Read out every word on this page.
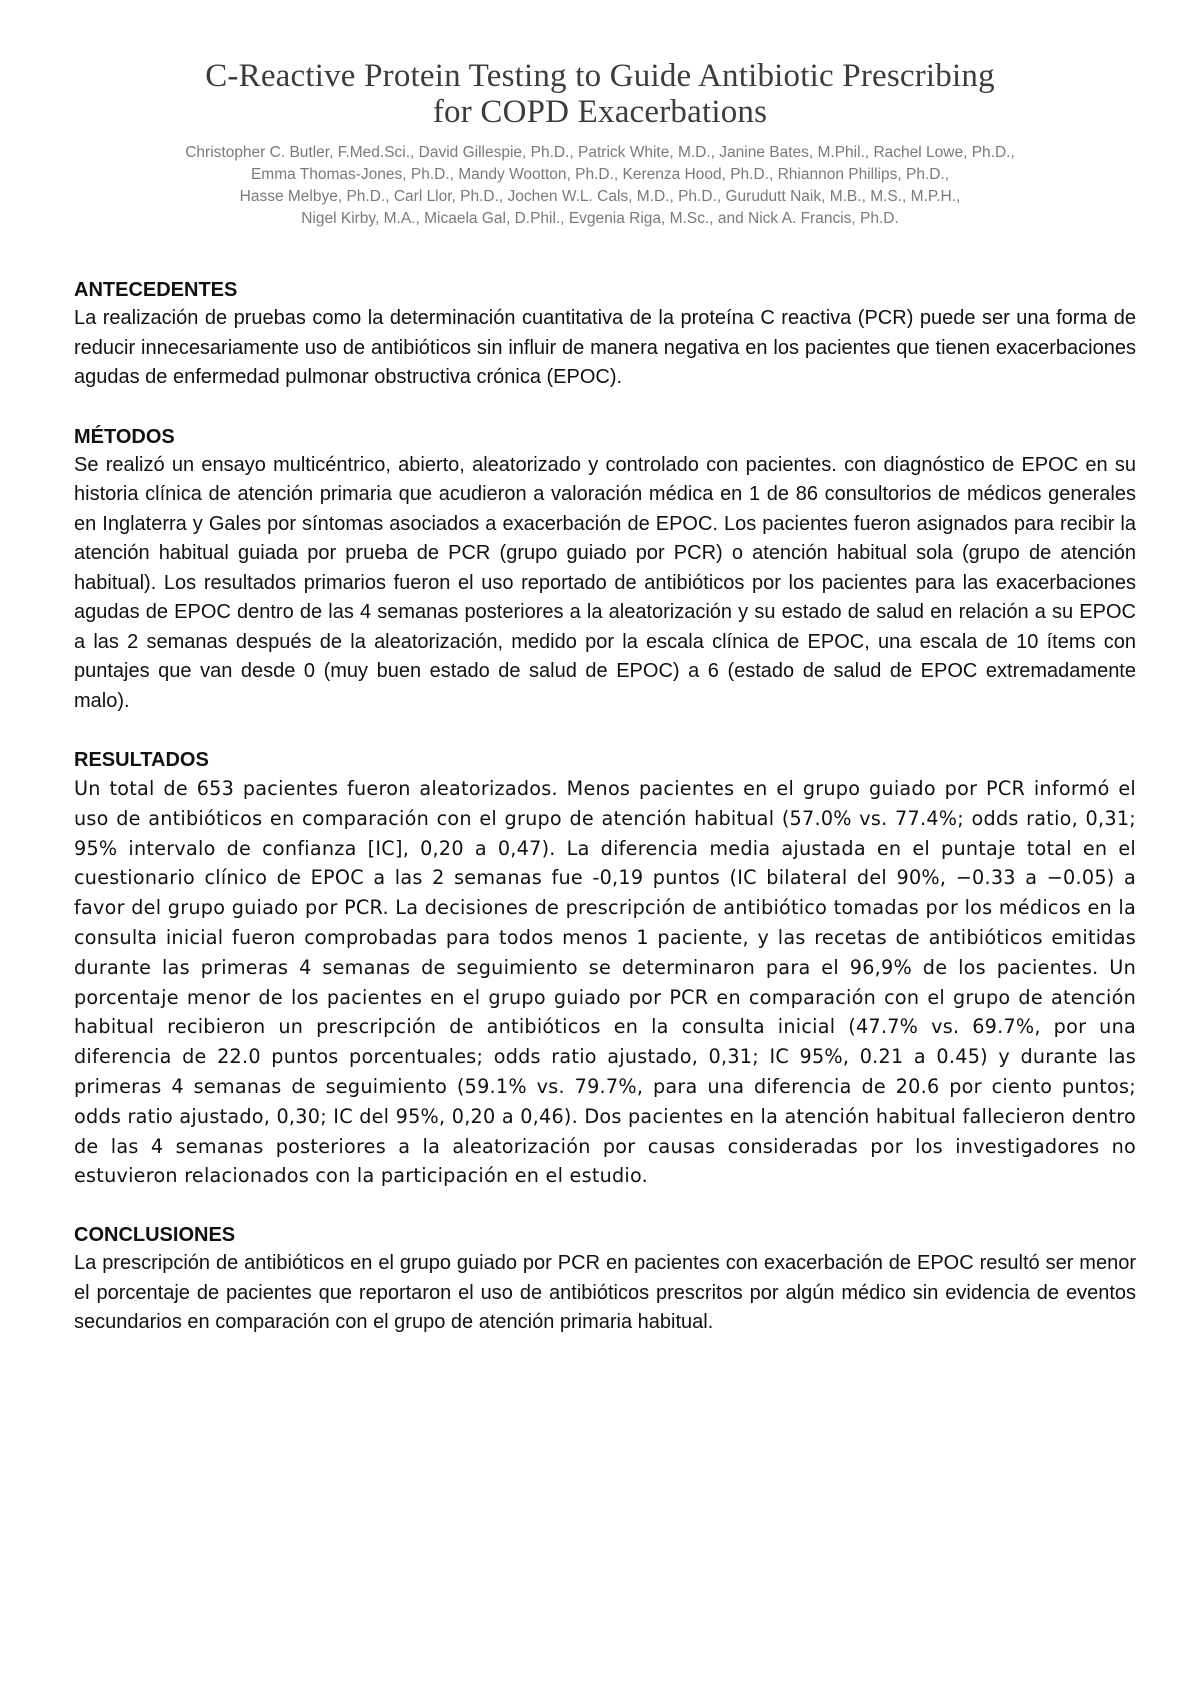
C-Reactive Protein Testing to Guide Antibiotic Prescribing
for COPD Exacerbations
Christopher C. Butler, F.Med.Sci., David Gillespie, Ph.D., Patrick White, M.D., Janine Bates, M.Phil., Rachel Lowe, Ph.D.,
Emma Thomas-Jones, Ph.D., Mandy Wootton, Ph.D., Kerenza Hood, Ph.D., Rhiannon Phillips, Ph.D.,
Hasse Melbye, Ph.D., Carl Llor, Ph.D., Jochen W.L. Cals, M.D., Ph.D., Gurudutt Naik, M.B., M.S., M.P.H.,
Nigel Kirby, M.A., Micaela Gal, D.Phil., Evgenia Riga, M.Sc., and Nick A. Francis, Ph.D.

ANTECEDENTES

La realización de pruebas como la determinación cuantitativa de la proteína C reactiva (PCR) puede ser una forma de reducir innecesariamente uso de antibióticos sin influir de manera negativa en los pacientes que tienen exacerbaciones agudas de enfermedad pulmonar obstructiva crónica (EPOC).

MÉTODOS

Se realizó un ensayo multicéntrico, abierto, aleatorizado y controlado con pacientes. con diagnóstico de EPOC en su historia clínica de atención primaria que acudieron a valoración médica en 1 de 86 consultorios de médicos generales en Inglaterra y Gales por síntomas asociados a exacerbación de EPOC. Los pacientes fueron asignados para recibir la atención habitual guiada por prueba de PCR (grupo guiado por PCR) o atención habitual sola (grupo de atención habitual). Los resultados primarios fueron el uso reportado de antibióticos por los pacientes para las exacerbaciones agudas de EPOC dentro de las 4 semanas posteriores a la aleatorización y su estado de salud en relación a su EPOC a las 2 semanas después de la aleatorización, medido por la escala clínica de EPOC, una escala de 10 ítems con puntajes que van desde 0 (muy buen estado de salud de EPOC) a 6 (estado de salud de EPOC extremadamente malo).

RESULTADOS

Un total de 653 pacientes fueron aleatorizados. Menos pacientes en el grupo guiado por PCR informó el uso de antibióticos en comparación con el grupo de atención habitual (57.0% vs. 77.4%; odds ratio, 0,31; 95% intervalo de confianza [IC], 0,20 a 0,47). La diferencia media ajustada en el puntaje total en el cuestionario clínico de EPOC a las 2 semanas fue -0,19 puntos (IC bilateral del 90%, −0.33 a −0.05) a favor del grupo guiado por PCR. La decisiones de prescripción de antibiótico tomadas por los médicos en la consulta inicial fueron comprobadas para todos menos 1 paciente, y las recetas de antibióticos emitidas durante las primeras 4 semanas de seguimiento se determinaron para el 96,9% de los pacientes. Un porcentaje menor de los pacientes en el grupo guiado por PCR en comparación con el grupo de atención habitual recibieron un prescripción de antibióticos en la consulta inicial (47.7% vs. 69.7%, por una diferencia de 22.0 puntos porcentuales; odds ratio ajustado, 0,31; IC 95%, 0.21 a 0.45) y durante las primeras 4 semanas de seguimiento (59.1% vs. 79.7%, para una diferencia de 20.6 por ciento puntos; odds ratio ajustado, 0,30; IC del 95%, 0,20 a 0,46). Dos pacientes en la atención habitual fallecieron dentro de las 4 semanas posteriores a la aleatorización por causas consideradas por los investigadores no estuvieron relacionados con la participación en el estudio.

CONCLUSIONES

La prescripción de antibióticos en el grupo guiado por PCR en pacientes con exacerbación de EPOC resultó ser menor el porcentaje de pacientes que reportaron el uso de antibióticos prescritos por algún médico sin evidencia de eventos secundarios en comparación con el grupo de atención primaria habitual.
